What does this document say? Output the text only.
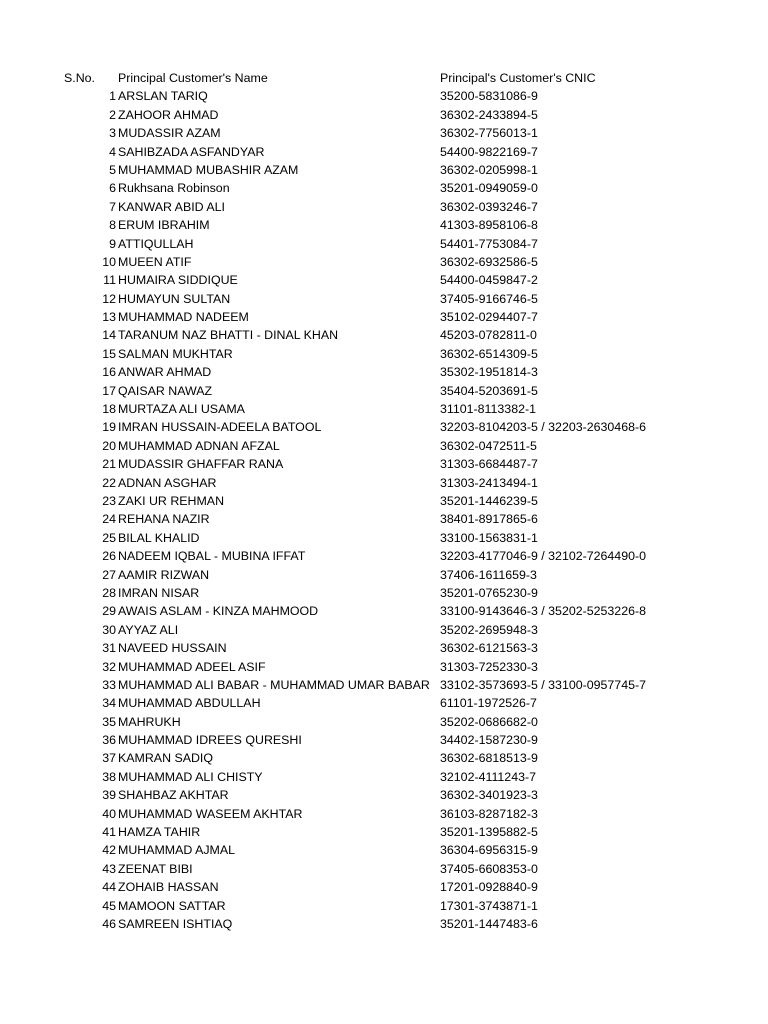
S.No. Principal Customer's Name	Principal's Customer's CNIC
1 ARSLAN TARIQ	35200-5831086-9
2 ZAHOOR AHMAD	36302-2433894-5
3 MUDASSIR AZAM	36302-7756013-1
4 SAHIBZADA ASFANDYAR	54400-9822169-7
5 MUHAMMAD MUBASHIR AZAM	36302-0205998-1
6 Rukhsana Robinson	35201-0949059-0
7 KANWAR ABID ALI	36302-0393246-7
8 ERUM IBRAHIM	41303-8958106-8
9 ATTIQULLAH	54401-7753084-7
10 MUEEN ATIF	36302-6932586-5
11 HUMAIRA SIDDIQUE	54400-0459847-2
12 HUMAYUN SULTAN	37405-9166746-5
13 MUHAMMAD NADEEM	35102-0294407-7
14 TARANUM NAZ BHATTI - DINAL KHAN	45203-0782811-0
15 SALMAN MUKHTAR	36302-6514309-5
16 ANWAR AHMAD	35302-1951814-3
17 QAISAR NAWAZ	35404-5203691-5
18 MURTAZA ALI USAMA	31101-8113382-1
19 IMRAN HUSSAIN-ADEELA BATOOL	32203-8104203-5 / 32203-2630468-6
20 MUHAMMAD ADNAN AFZAL	36302-0472511-5
21 MUDASSIR GHAFFAR RANA	31303-6684487-7
22 ADNAN ASGHAR	31303-2413494-1
23 ZAKI UR REHMAN	35201-1446239-5
24 REHANA NAZIR	38401-8917865-6
25 BILAL KHALID	33100-1563831-1
26 NADEEM IQBAL - MUBINA IFFAT	32203-4177046-9 / 32102-7264490-0
27 AAMIR RIZWAN	37406-1611659-3
28 IMRAN NISAR	35201-0765230-9
29 AWAIS ASLAM - KINZA MAHMOOD	33100-9143646-3 / 35202-5253226-8
30 AYYAZ ALI	35202-2695948-3
31 NAVEED HUSSAIN	36302-6121563-3
32 MUHAMMAD ADEEL ASIF	31303-7252330-3
33 MUHAMMAD ALI BABAR - MUHAMMAD UMAR BABAR 33102-3573693-5 / 33100-0957745-7
34 MUHAMMAD ABDULLAH	61101-1972526-7
35 MAHRUKH	35202-0686682-0
36 MUHAMMAD IDREES QURESHI	34402-1587230-9
37 KAMRAN SADIQ	36302-6818513-9
38 MUHAMMAD ALI CHISTY	32102-4111243-7
39 SHAHBAZ AKHTAR	36302-3401923-3
40 MUHAMMAD WASEEM AKHTAR	36103-8287182-3
41 HAMZA TAHIR	35201-1395882-5
42 MUHAMMAD AJMAL	36304-6956315-9
43 ZEENAT BIBI	37405-6608353-0
44 ZOHAIB HASSAN	17201-0928840-9
45 MAMOON SATTAR	17301-3743871-1
46 SAMREEN ISHTIAQ	35201-1447483-6
